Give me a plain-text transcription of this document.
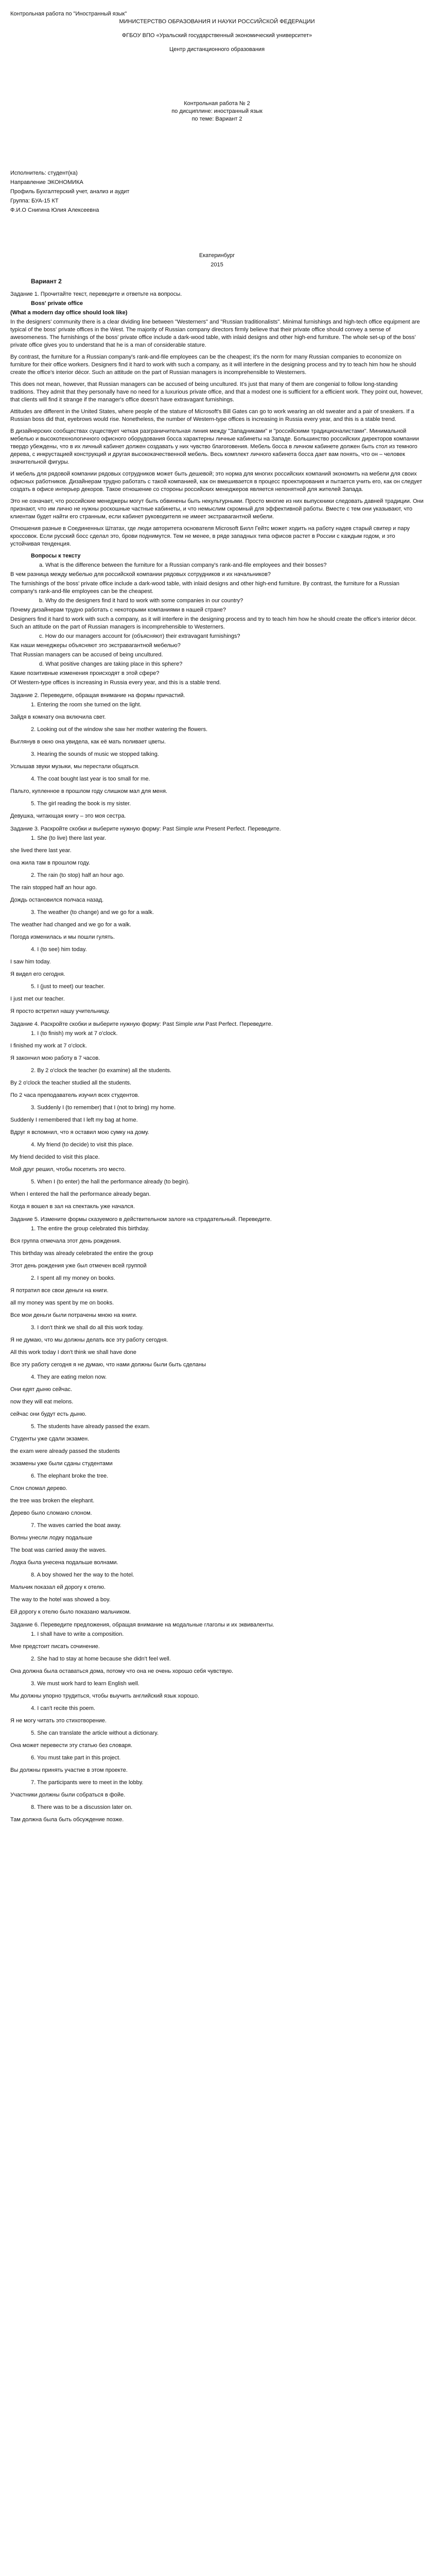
Контрольная работа по "Иностранный язык"

МИНИСТЕРСТВО ОБРАЗОВАНИЯ И НАУКИ РОССИЙСКОЙ ФЕДЕРАЦИИ

ФГБОУ ВПО «Уральский государственный экономический университет»

Центр дистанционного образования

Контрольная работа № 2

по дисциплине: иностранный язык

по теме: Вариант 2

Исполнитель: студент(ка)

Направление ЭКОНОМИКА

Профиль Бухгалтерский учет, анализ и аудит

Группа: БУА-15 КТ

Ф.И.О Снигина Юлия Алексеевна

Екатеринбург

2015

Вариант 2

Задание 1. Прочитайте текст, переведите и ответьте на вопросы.

Boss' private office

(What a modern day office should look like)

In the designers' community there is a clear dividing line between "Westerners" and "Russian traditionalists". Minimal furnishings and high-tech office equipment are typical of the boss' private offices in the West. The majority of Russian company directors firmly believe that their private office should convey a sense of awesomeness. The furnishings of the boss' private office include a dark-wood table, with inlaid designs and other high-end furniture. The whole set-up of the boss' private office gives you to understand that he is a man of considerable stature.

By contrast, the furniture for a Russian company's rank-and-file employees can be the cheapest; it's the norm for many Russian companies to economize on furniture for their office workers. Designers find it hard to work with such a company, as it will interfere in the designing process and try to teach him how he should create the office's interior décor. Such an attitude on the part of Russian managers is incomprehensible to Westerners.

This does not mean, however, that Russian managers can be accused of being uncultured. It's just that many of them are congenial to follow long-standing traditions. They admit that they personally have no need for a luxurious private office, and that a modest one is sufficient for a efficient work. They point out, however, that clients will find it strange if the manager's office doesn't have extravagant furnishings.

Attitudes are different in the United States, where people of the stature of Microsoft's Bill Gates can go to work wearing an old sweater and a pair of sneakers. If a Russian boss did that, eyebrows would rise. Nonetheless, the number of Western-type offices is increasing in Russia every year, and this is a stable trend.

В дизайнерских сообществах существует четкая разграничительная линия между "Западниками" и "российскими традиционалистами". Минимальной мебелью и высокотехнологичного офисного оборудования босса характерны личные кабинеты на Западе. Большинство российских директоров компании твердо убеждены, что в их личный кабинет должен создавать у них чувство благоговения. Мебель босса в личном кабинете должен быть стол из темного дерева, с инкрустацией конструкций и другая высококачественной мебель. Весь комплект личного кабинета босса дает вам понять, что он – человек значительной фигуры.

И мебель для рядовой компании рядовых сотрудников может быть дешевой; это норма для многих российских компаний экономить на мебели для своих офисных работников. Дизайнерам трудно работать с такой компанией, как он вмешивается в процесс проектирования и пытается учить его, как он следует создать в офисе интерьер декоров. Такое отношение со стороны российских менеджеров является непонятной для жителей Запада.

Это не означает, что российские менеджеры могут быть обвинены быть некультурными. Просто многие из них выпускники следовать давней традиции. Они признают, что им лично не нужны роскошные частные кабинеты, и что немыслим скромный для эффективной работы. Вместе с тем они указывают, что клиентам будет найти его странным, если кабинет руководителя не имеет экстравагантной мебели.

Отношения разные в Соединенных Штатах, где люди авторитета основателя Microsoft Билл Гейтс может ходить на работу надев старый свитер и пару кроссовок. Если русский босс сделал это, брови поднимутся. Тем не менее, в ряде западных типа офисов растет в России с каждым годом, и это устойчивая тенденция.

Вопросы к тексту

a. What is the difference between the furniture for a Russian company's rank-and-file employees and their bosses?

В чем разница между мебелью для российской компании рядовых сотрудников и их начальников?

The furnishings of the boss' private office include a dark-wood table, with inlaid designs and other high-end furniture. By contrast, the furniture for a Russian company's rank-and-file employees can be the cheapest.

b. Why do the designers find it hard to work with some companies in our country?

Почему дизайнерам трудно работать с некоторыми компаниями в нашей стране?

Designers find it hard to work with such a company, as it will interfere in the designing process and try to teach him how he should create the office's interior décor. Such an attitude on the part of Russian managers is incomprehensible to Westerners.

c. How do our managers account for (объясняют) their extravagant furnishings?

Как наши менеджеры объясняют это экстравагантной мебелью?

That Russian managers can be accused of being uncultured.

d. What positive changes are taking place in this sphere?

Какие позитивные изменения происходят в этой сфере?

Of Western-type offices is increasing in Russia every year, and this is a stable trend.

Задание 2. Переведите, обращая внимание на формы причастий.

1. Entering the room she turned on the light.

Зайдя в комнату она включила свет.

2. Looking out of the window she saw her mother watering the flowers.

Выглянув в окно она увидела, как её мать поливает цветы.

3. Hearing the sounds of music we stopped talking.

Услышав звуки музыки, мы перестали общаться.

4. The coat bought last year is too small for me.

Пальто, купленное в прошлом году слишком мал для меня.

5. The girl reading the book is my sister.

Девушка, читающая книгу – это моя сестра.

Задание 3. Раскройте скобки и выберите нужную форму: Past Simple или Present Perfect. Переведите.

1. She (to live) there last year.

she lived there last year.

она жила там в прошлом году.

2. The rain (to stop) half an hour ago.

The rain stopped half an hour ago.

Дождь остановился полчаса назад.

3. The weather (to change) and we go for a walk.

The weather had changed and we go for a walk.

Погода изменилась и мы пошли гулять.

4. I (to see) him today.

I saw him today.

Я видел его сегодня.

5. I (just to meet) our teacher.

I just met our teacher.

Я просто встретил нашу учительницу.

Задание 4. Раскройте скобки и выберите нужную форму: Past Simple или Past Perfect. Переведите.

1. I (to finish) my work at 7 o'clock.

I finished my work at 7 o'clock.

Я закончил мою работу в 7 часов.

2. By 2 o'clock the teacher (to examine) all the students.

By 2 o'clock the teacher studied all the students.

По 2 часа преподаватель изучил всех студентов.

3. Suddenly I (to remember) that I (not to bring) my home.

Suddenly I remembered that I left my bag at home.

Вдруг я вспомнил, что я оставил мою сумку на дому.

4. My friend (to decide) to visit this place.

My friend decided to visit this place.

Мой друг решил, чтобы посетить это место.

5. When I (to enter) the hall the performance already (to begin).

When I entered the hall the performance already began.

Когда я вошел в зал на спектакль уже начался.

Задание 5. Измените формы сказуемого в действительном залоге на страдательный. Переведите.

1. The entire the group celebrated this birthday.

Вся группа отмечала этот день рождения.

This birthday was already celebrated the entire the group

Этот день рождения уже был отмечен всей группой

2. I spent all my money on books.

Я потратил все свои деньги на книги.

all my money was spent by me on books.

Все мои деньги были потрачены мною на книги.

3. I don't think we shall do all this work today.

Я не думаю, что мы должны делать все эту работу сегодня.

All this work today I don't think we shall have done

Все эту работу сегодня я не думаю, что нами должны были быть сделаны

4. They are eating melon now.

Они едят дыню сейчас.

now they will eat melons.

сейчас они будут есть дыню.

5. The students have already passed the exam.

Студенты уже сдали экзамен.

the exam were already passed the students

экзамены уже были сданы студентами

6. The elephant broke the tree.

Слон сломал дерево.

the tree was broken the elephant.

Дерево было сломано слоном.

7. The waves carried the boat away.

Волны унесли лодку подальше

The boat was carried away the waves.

Лодка была унесена подальше волнами.

8. A boy showed her the way to the hotel.

Мальчик показал ей дорогу к отелю.

The way to the hotel was showed a boy.

Ей дорогу к отелю было показано мальчиком.

Задание 6. Переведите предложения, обращая внимание на модальные глаголы и их эквиваленты.

1. I shall have to write a composition.

Мне предстоит писать сочинение.

2. She had to stay at home because she didn't feel well.

Она должна была оставаться дома, потому что она не очень хорошо себя чувствую.

3. We must work hard to learn English well.

Мы должны упорно трудиться, чтобы выучить английский язык хорошо.

4. I can't recite this poem.

Я не могу читать это стихотворение.

5. She can translate the article without a dictionary.

Она может перевести эту статью без словаря.

6. You must take part in this project.

Вы должны принять участие в этом проекте.

7. The participants were to meet in the lobby.

Участники должны были собраться в фойе.

8. There was to be a discussion later on.

Там должна была быть обсуждение позже.
